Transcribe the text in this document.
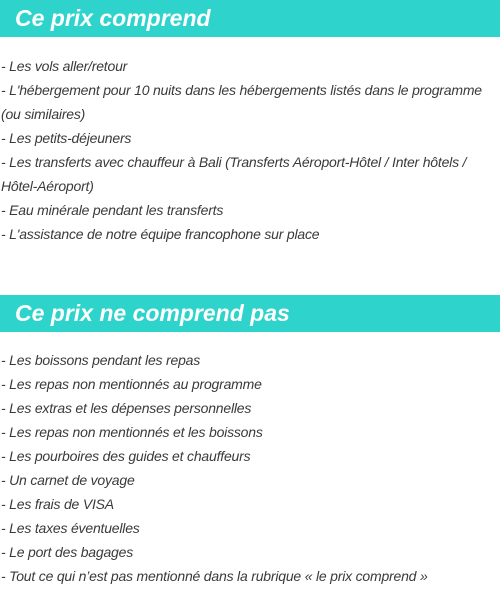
Ce prix comprend
- Les vols aller/retour
- L'hébergement pour 10 nuits dans les hébergements listés dans le programme (ou similaires)
- Les petits-déjeuners
- Les transferts avec chauffeur à Bali (Transferts Aéroport-Hôtel / Inter hôtels / Hôtel-Aéroport)
- Eau minérale pendant les transferts
- L'assistance de notre équipe francophone sur place
Ce prix ne comprend pas
- Les boissons pendant les repas
- Les repas non mentionnés au programme
- Les extras et les dépenses personnelles
- Les repas non mentionnés et les boissons
- Les pourboires des guides et chauffeurs
- Un carnet de voyage
- Les frais de VISA
- Les taxes éventuelles
- Le port des bagages
- Tout ce qui n’est pas mentionné dans la rubrique « le prix comprend »
